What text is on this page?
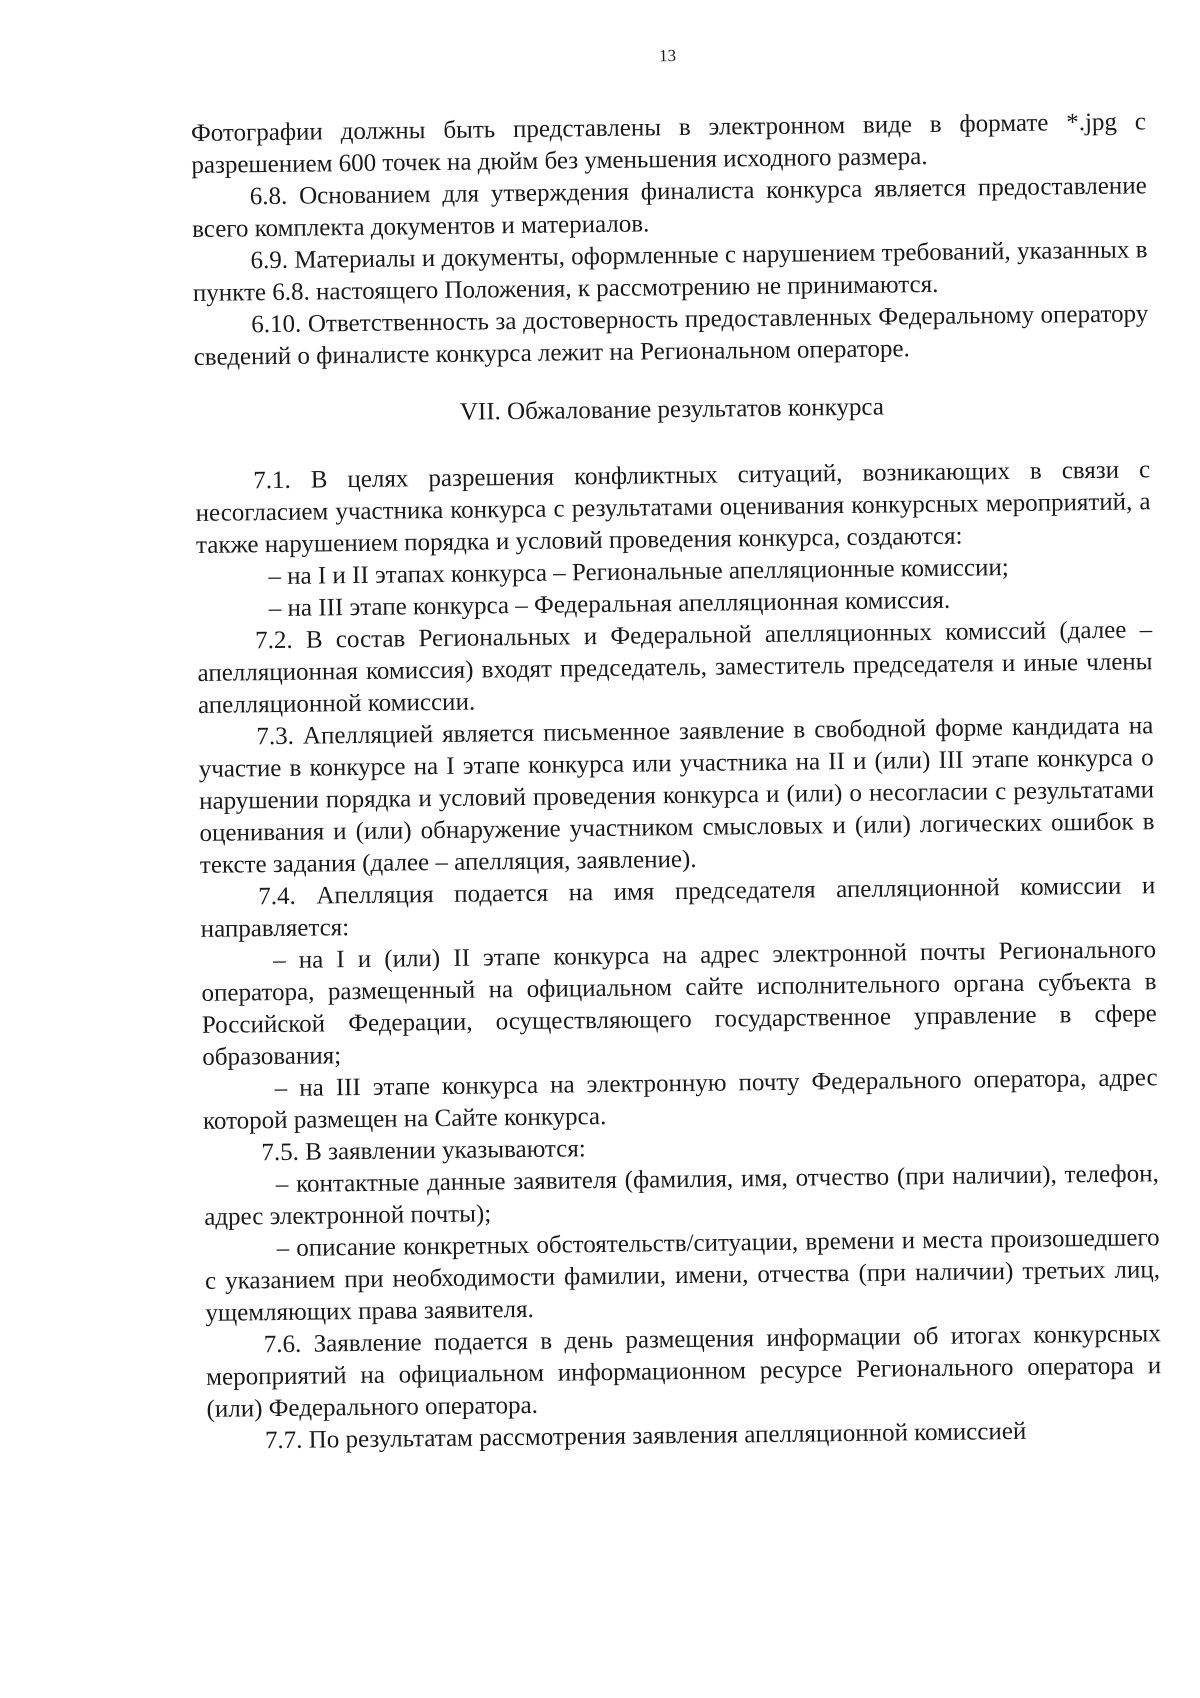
13

Фотографии должны быть представлены в электронном виде в формате *.jpg с разрешением 600 точек на дюйм без уменьшения исходного размера.

6.8. Основанием для утверждения финалиста конкурса является предоставление всего комплекта документов и материалов.

6.9. Материалы и документы, оформленные с нарушением требований, указанных в пункте 6.8. настоящего Положения, к рассмотрению не принимаются.

6.10. Ответственность за достоверность предоставленных Федеральному оператору сведений о финалисте конкурса лежит на Региональном операторе.

VII. Обжалование результатов конкурса

7.1. В целях разрешения конфликтных ситуаций, возникающих в связи с несогласием участника конкурса с результатами оценивания конкурсных мероприятий, а также нарушением порядка и условий проведения конкурса, создаются:

– на I и II этапах конкурса – Региональные апелляционные комиссии;

– на III этапе конкурса – Федеральная апелляционная комиссия.

7.2. В состав Региональных и Федеральной апелляционных комиссий (далее – апелляционная комиссия) входят председатель, заместитель председателя и иные члены апелляционной комиссии.

7.3. Апелляцией является письменное заявление в свободной форме кандидата на участие в конкурсе на I этапе конкурса или участника на II и (или) III этапе конкурса о нарушении порядка и условий проведения конкурса и (или) о несогласии с результатами оценивания и (или) обнаружение участником смысловых и (или) логических ошибок в тексте задания (далее – апелляция, заявление).

7.4. Апелляция подается на имя председателя апелляционной комиссии и направляется:

– на I и (или) II этапе конкурса на адрес электронной почты Регионального оператора, размещенный на официальном сайте исполнительного органа субъекта в Российской Федерации, осуществляющего государственное управление в сфере образования;

– на III этапе конкурса на электронную почту Федерального оператора, адрес которой размещен на Сайте конкурса.

7.5. В заявлении указываются:

– контактные данные заявителя (фамилия, имя, отчество (при наличии), телефон, адрес электронной почты);

– описание конкретных обстоятельств/ситуации, времени и места произошедшего с указанием при необходимости фамилии, имени, отчества (при наличии) третьих лиц, ущемляющих права заявителя.

7.6. Заявление подается в день размещения информации об итогах конкурсных мероприятий на официальном информационном ресурсе Регионального оператора и (или) Федерального оператора.

7.7. По результатам рассмотрения заявления апелляционной комиссией
